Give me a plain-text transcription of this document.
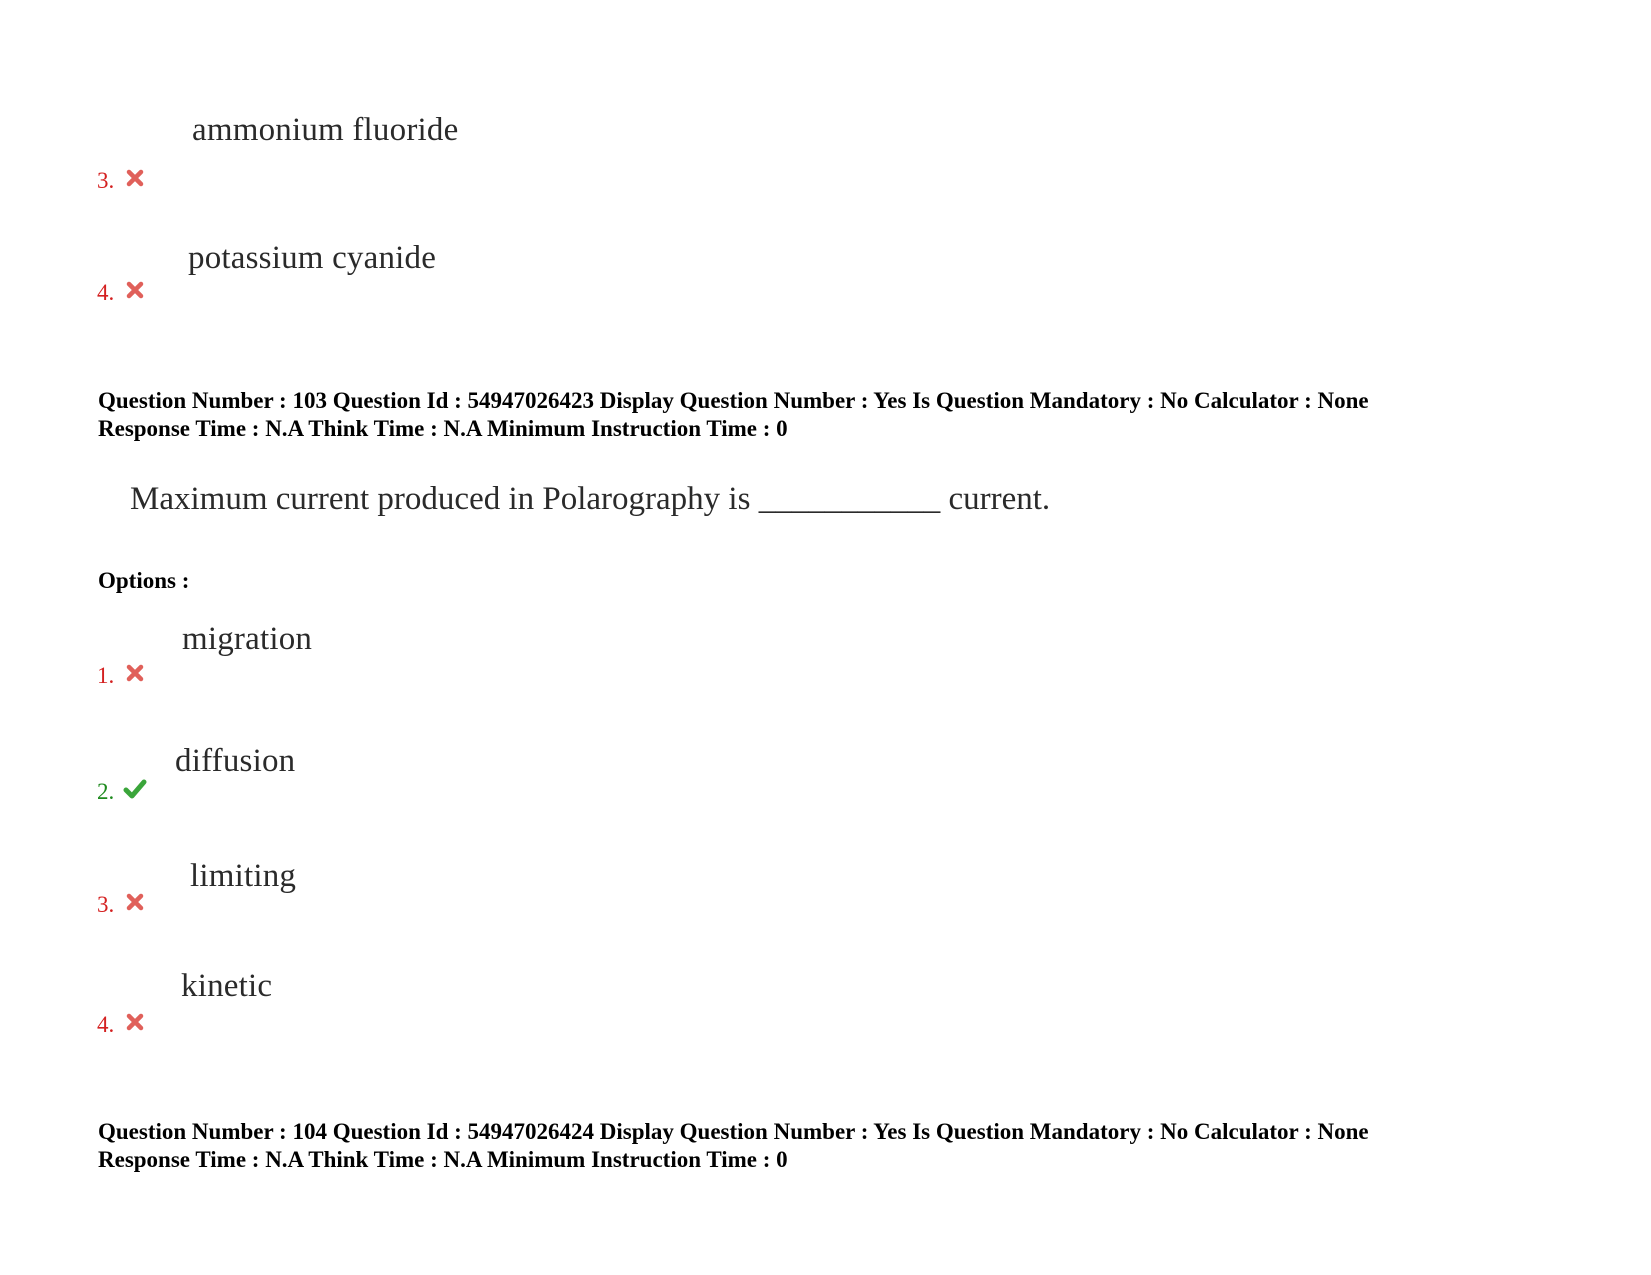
ammonium fluoride
3.
potassium cyanide
4.
Question Number : 103 Question Id : 54947026423 Display Question Number : Yes Is Question Mandatory : No Calculator : None
Response Time : N.A Think Time : N.A Minimum Instruction Time : 0
Maximum current produced in Polarography is ___________ current.
Options :
migration
1.
diffusion
2.
limiting
3.
kinetic
4.
Question Number : 104 Question Id : 54947026424 Display Question Number : Yes Is Question Mandatory : No Calculator : None
Response Time : N.A Think Time : N.A Minimum Instruction Time : 0
